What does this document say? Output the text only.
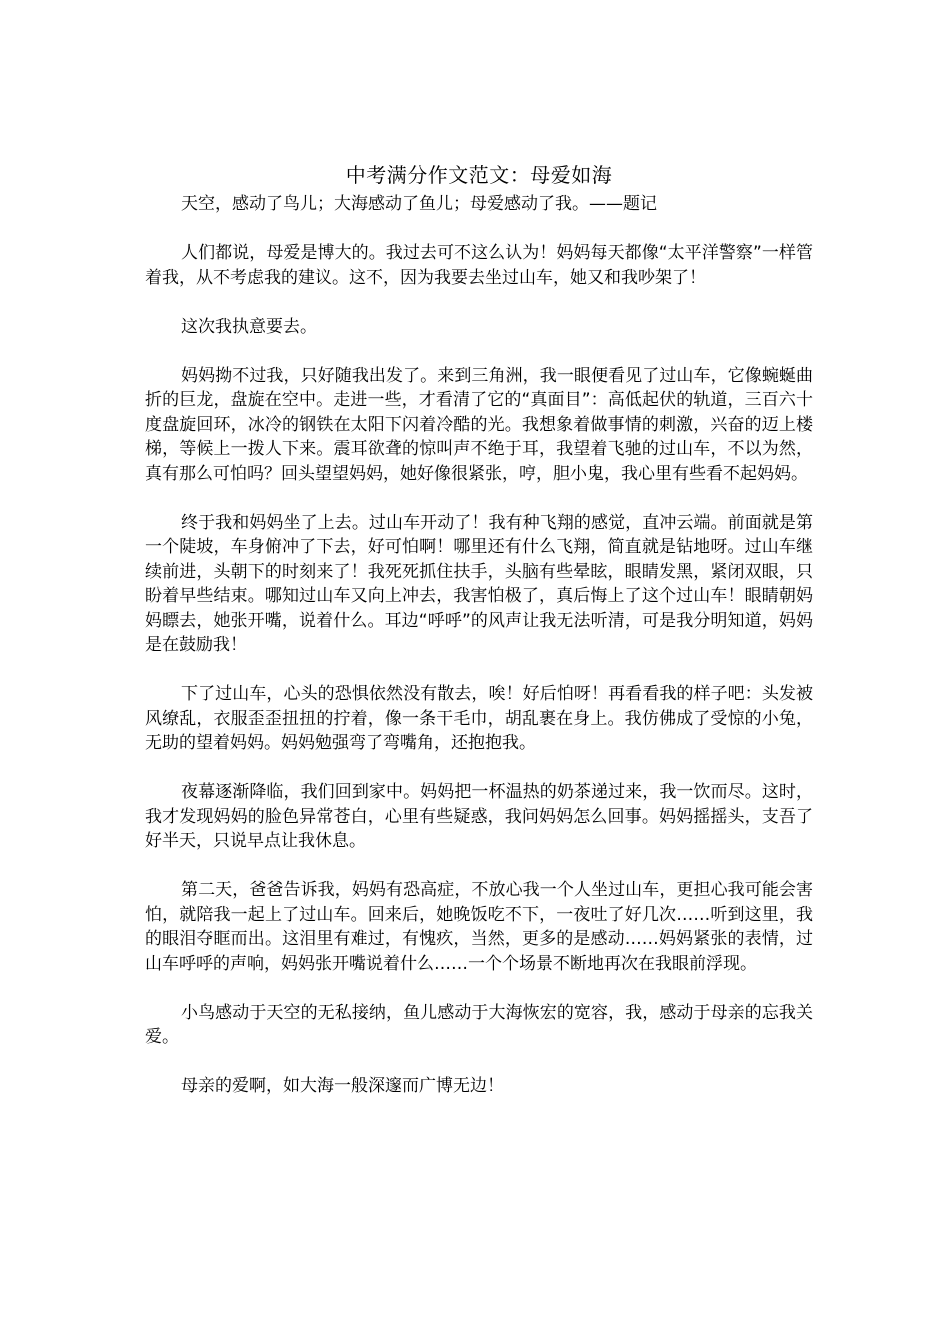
中考满分作文范文：母爱如海

天空，感动了鸟儿；大海感动了鱼儿；母爱感动了我。——题记

人们都说，母爱是博大的。我过去可不这么认为！妈妈每天都像“太平洋警察”一样管着我，从不考虑我的建议。这不，因为我要去坐过山车，她又和我吵架了！

这次我执意要去。

妈妈拗不过我，只好随我出发了。来到三角洲，我一眼便看见了过山车，它像蜿蜒曲折的巨龙，盘旋在空中。走进一些，才看清了它的“真面目”：高低起伏的轨道，三百六十度盘旋回环，冰冷的钢铁在太阳下闪着冷酷的光。我想象着做事情的刺激，兴奋的迈上楼梯，等候上一拨人下来。震耳欲聋的惊叫声不绝于耳，我望着飞驰的过山车，不以为然，真有那么可怕吗？回头望望妈妈，她好像很紧张，哼，胆小鬼，我心里有些看不起妈妈。

终于我和妈妈坐了上去。过山车开动了！我有种飞翔的感觉，直冲云端。前面就是第一个陡坡，车身俯冲了下去，好可怕啊！哪里还有什么飞翔，简直就是钻地呀。过山车继续前进，头朝下的时刻来了！我死死抓住扶手，头脑有些晕眩，眼睛发黑，紧闭双眼，只盼着早些结束。哪知过山车又向上冲去，我害怕极了，真后悔上了这个过山车！眼睛朝妈妈瞟去，她张开嘴，说着什么。耳边“呼呼”的风声让我无法听清，可是我分明知道，妈妈是在鼓励我！

下了过山车，心头的恐惧依然没有散去，唉！好后怕呀！再看看我的样子吧：头发被风缭乱，衣服歪歪扭扭的拧着，像一条干毛巾，胡乱裹在身上。我仿佛成了受惊的小兔，无助的望着妈妈。妈妈勉强弯了弯嘴角，还抱抱我。

夜幕逐渐降临，我们回到家中。妈妈把一杯温热的奶茶递过来，我一饮而尽。这时，我才发现妈妈的脸色异常苍白，心里有些疑惑，我问妈妈怎么回事。妈妈摇摇头，支吾了好半天，只说早点让我休息。

第二天，爸爸告诉我，妈妈有恐高症，不放心我一个人坐过山车，更担心我可能会害怕，就陪我一起上了过山车。回来后，她晚饭吃不下，一夜吐了好几次……听到这里，我的眼泪夺眶而出。这泪里有难过，有愧疚，当然，更多的是感动……妈妈紧张的表情，过山车呼呼的声响，妈妈张开嘴说着什么……一个个场景不断地再次在我眼前浮现。

小鸟感动于天空的无私接纳，鱼儿感动于大海恢宏的宽容，我，感动于母亲的忘我关爱。

母亲的爱啊，如大海一般深邃而广博无边！
